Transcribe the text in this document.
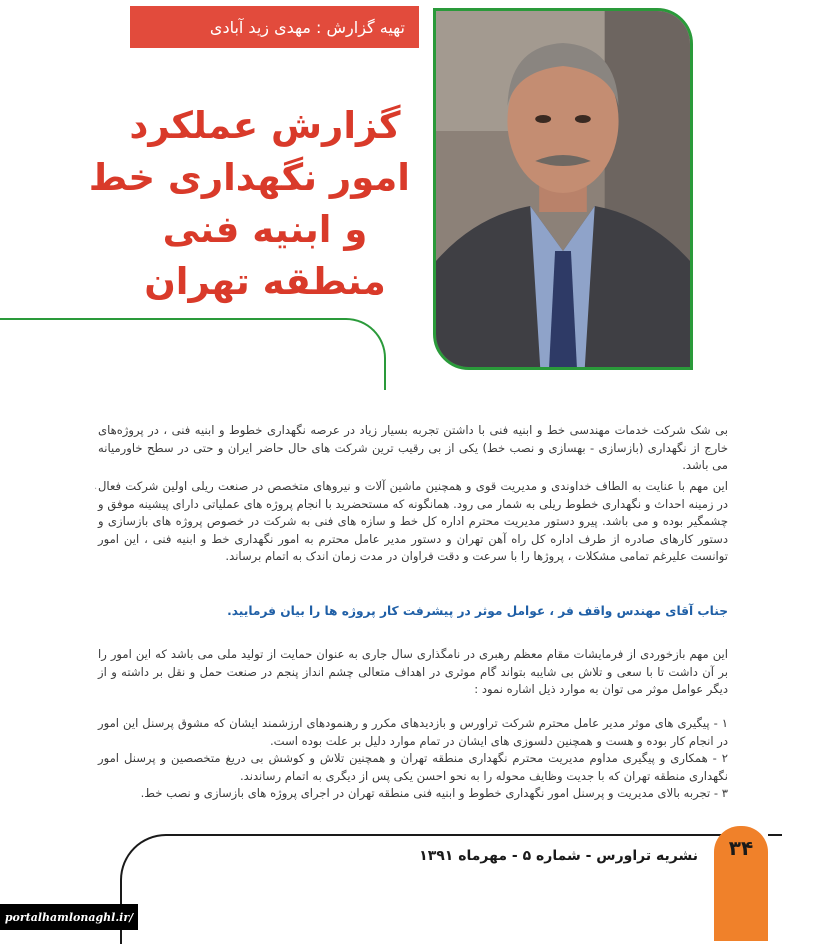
تهیه گزارش : مهدی زید آبادی
گزارش عملکرد
امور نگهداری خط
و ابنیه فنی
منطقه تهران

بی شک شرکت خدمات مهندسی خط و ابنیه فنی با داشتن تجربه بسیار زیاد در عرصه نگهداری خطوط و ابنیه فنی ، در پروژه‌های خارج از نگهداری (بازسازی - بهسازی و نصب خط) یکی از بی رقیب ترین شرکت های حال حاضر ایران و حتی در سطح خاورمیانه می باشد.

· این مهم با عنایت به الطاف خداوندی و مدیریت قوی و همچنین ماشین آلات و نیروهای متخصص در صنعت ریلی اولین شرکت فعال در زمینه احداث و نگهداری خطوط ریلی به شمار می رود. همانگونه که مستحضرید با انجام پروژه های عملیاتی دارای پیشینه موفق و چشمگیر بوده و می باشد. پیرو دستور مدیریت محترم اداره کل خط و سازه های فنی به شرکت در خصوص پروژه های بازسازی و دستور کارهای صادره از طرف اداره کل راه آهن تهران و دستور مدیر عامل محترم به امور نگهداری خط و ابنیه فنی ، این امور توانست علیرغم تمامی مشکلات ، پروژها را با سرعت و دقت فراوان در مدت زمان اندک به اتمام برساند.

جناب آقای مهندس واقف فر ، عوامل موثر در پیشرفت کار پروژه ها را بیان فرمایید.

این مهم بازخوردی از فرمایشات مقام معظم رهبری در نامگذاری سال جاری به عنوان حمایت از تولید ملی می باشد که این امور را بر آن داشت تا با سعی و تلاش بی شایبه بتواند گام موثری در اهداف متعالی چشم انداز پنجم در صنعت حمل و نقل بر داشته و از دیگر عوامل موثر می توان به موارد ذیل اشاره نمود :

۱ - پیگیری های موثر مدیر عامل محترم شرکت تراورس و بازدیدهای مکرر و رهنمودهای ارزشمند ایشان که مشوق پرسنل این امور در انجام کار بوده و هست و همچنین دلسوزی های ایشان در تمام موارد دلیل بر علت بوده است.

۲ - همکاری و پیگیری مداوم مدیریت محترم نگهداری منطقه تهران و همچنین تلاش و کوشش بی دریغ متخصصین و پرسنل امور نگهداری منطقه تهران که با جدیت وظایف محوله را به نحو احسن یکی پس از دیگری به اتمام رساندند.

۳ - تجربه بالای مدیریت و پرسنل امور نگهداری خطوط و ابنیه فنی منطقه تهران در اجرای پروژه های بازسازی و نصب خط.

۳۴
نشریه تراورس - شماره ۵ - مهرماه ۱۳۹۱
portalhamlonaghl.ir/
